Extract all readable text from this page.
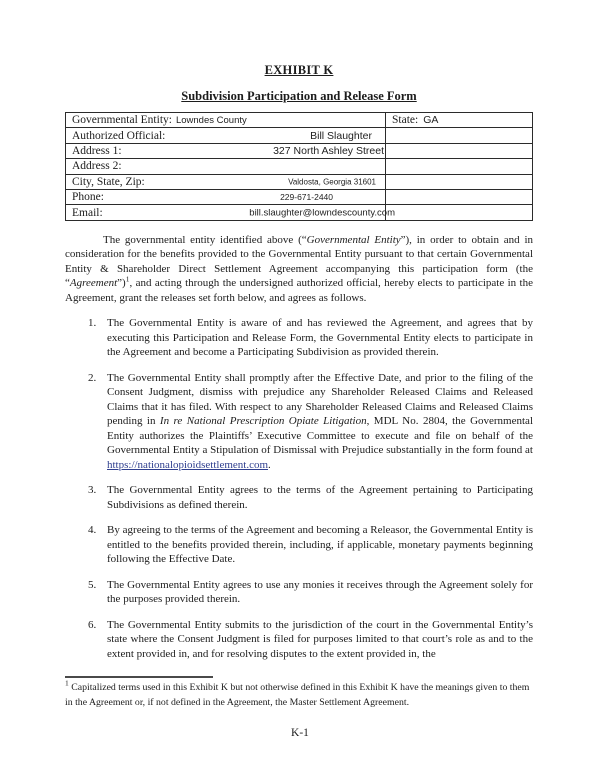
EXHIBIT K
Subdivision Participation and Release Form
Governmental Entity: Lowndes County	State: GA
Authorized Official:	Bill Slaughter
Address 1:	327 North Ashley Street
Address 2:
City, State, Zip:	Valdosta, Georgia 31601
Phone:	229-671-2440
Email:	bill.slaughter@lowndescounty.com

The governmental entity identified above (“Governmental Entity”), in order to obtain and in consideration for the benefits provided to the Governmental Entity pursuant to that certain Governmental Entity & Shareholder Direct Settlement Agreement accompanying this participation form (the “Agreement”)$^1$, and acting through the undersigned authorized official, hereby elects to participate in the Agreement, grant the releases set forth below, and agrees as follows.

1. The Governmental Entity is aware of and has reviewed the Agreement, and agrees that by executing this Participation and Release Form, the Governmental Entity elects to participate in the Agreement and become a Participating Subdivision as provided therein.
2. The Governmental Entity shall promptly after the Effective Date, and prior to the filing of the Consent Judgment, dismiss with prejudice any Shareholder Released Claims and Released Claims that it has filed. With respect to any Shareholder Released Claims and Released Claims pending in In re National Prescription Opiate Litigation, MDL No. 2804, the Governmental Entity authorizes the Plaintiffs’ Executive Committee to execute and file on behalf of the Governmental Entity a Stipulation of Dismissal with Prejudice substantially in the form found at https://nationalopioidsettlement.com.
3. The Governmental Entity agrees to the terms of the Agreement pertaining to Participating Subdivisions as defined therein.
4. By agreeing to the terms of the Agreement and becoming a Releasor, the Governmental Entity is entitled to the benefits provided therein, including, if applicable, monetary payments beginning following the Effective Date.
5. The Governmental Entity agrees to use any monies it receives through the Agreement solely for the purposes provided therein.
6. The Governmental Entity submits to the jurisdiction of the court in the Governmental Entity’s state where the Consent Judgment is filed for purposes limited to that court’s role as and to the extent provided in, and for resolving disputes to the extent provided in, the
$^1$ Capitalized terms used in this Exhibit K but not otherwise defined in this Exhibit K have the meanings given to them in the Agreement or, if not defined in the Agreement, the Master Settlement Agreement.
K-1
